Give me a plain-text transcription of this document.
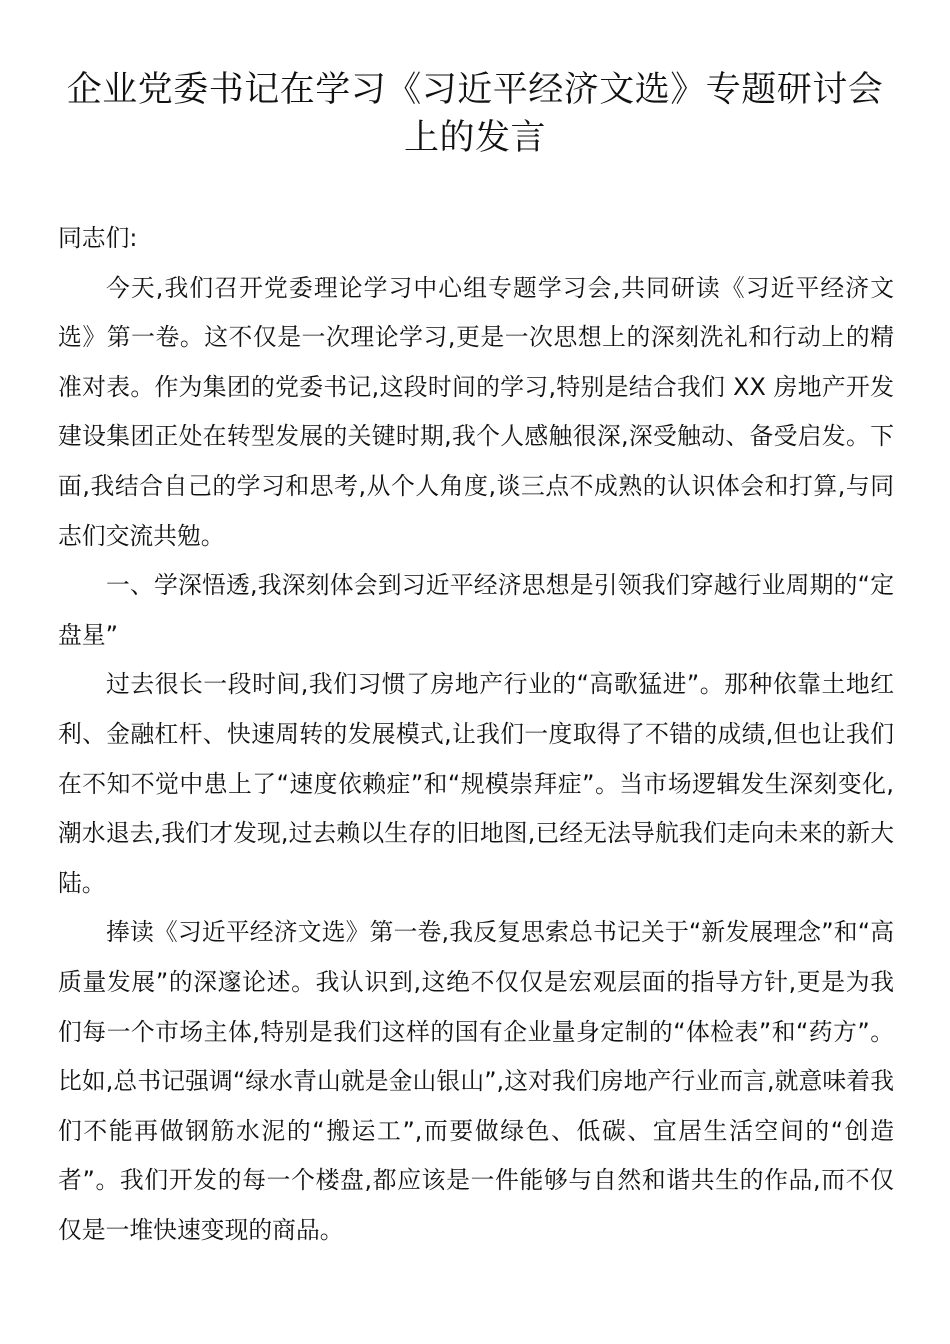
企业党委书记在学习《习近平经济文选》专题研讨会上的发言

同志们:

今天,我们召开党委理论学习中心组专题学习会,共同研读《习近平经济文选》第一卷。这不仅是一次理论学习,更是一次思想上的深刻洗礼和行动上的精准对表。作为集团的党委书记,这段时间的学习,特别是结合我们 XX 房地产开发建设集团正处在转型发展的关键时期,我个人感触很深,深受触动、备受启发。下面,我结合自己的学习和思考,从个人角度,谈三点不成熟的认识体会和打算,与同志们交流共勉。

一、学深悟透,我深刻体会到习近平经济思想是引领我们穿越行业周期的“定盘星”

过去很长一段时间,我们习惯了房地产行业的“高歌猛进”。那种依靠土地红利、金融杠杆、快速周转的发展模式,让我们一度取得了不错的成绩,但也让我们在不知不觉中患上了“速度依赖症”和“规模崇拜症”。当市场逻辑发生深刻变化,潮水退去,我们才发现,过去赖以生存的旧地图,已经无法导航我们走向未来的新大陆。

捧读《习近平经济文选》第一卷,我反复思索总书记关于“新发展理念”和“高质量发展”的深邃论述。我认识到,这绝不仅仅是宏观层面的指导方针,更是为我们每一个市场主体,特别是我们这样的国有企业量身定制的“体检表”和“药方”。比如,总书记强调“绿水青山就是金山银山”,这对我们房地产行业而言,就意味着我们不能再做钢筋水泥的“搬运工”,而要做绿色、低碳、宜居生活空间的“创造者”。我们开发的每一个楼盘,都应该是一件能够与自然和谐共生的作品,而不仅仅是一堆快速变现的商品。
